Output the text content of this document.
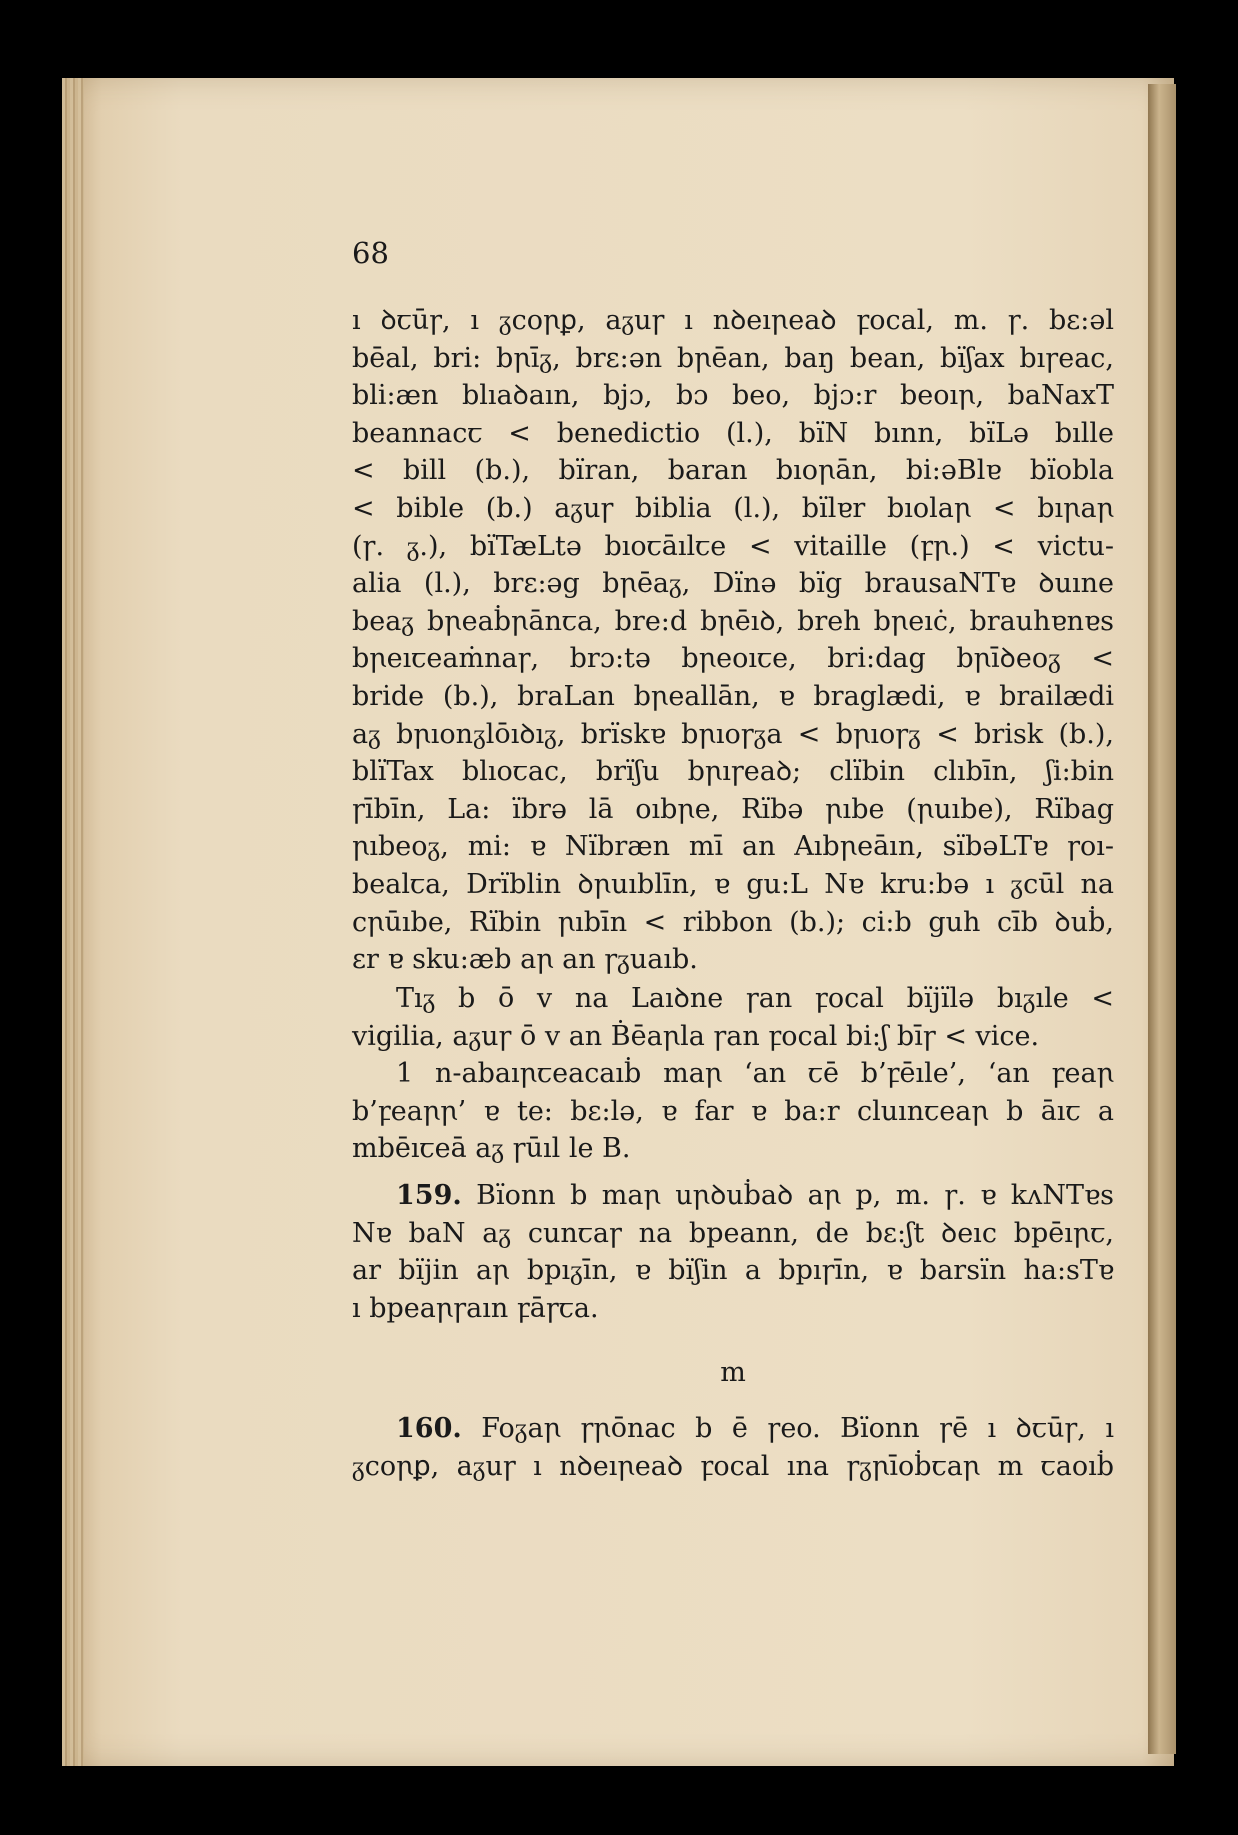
68
ı ꝺꞇūꞅ, ı ᵹcoꞃꝑ, aᵹuꞅ ı nꝺeıꞃeaꝺ ꝼocal, m. ꞅ. bɛ:əl
bēal, bri: bꞃīᵹ, brɛ:ən bꞃēan, baŋ bean, bïʃax bıꞅeac,
bli:æn blıaꝺaın, bjɔ, bɔ beo, bjɔ:r beoıꞃ, baNaxT
beannacꞇ < benedictio (l.), bïN bınn, bïLə bılle
< bill (b.), bïran, baran bıoꞃān, bi:əBlɐ bïobla
< bible (b.) aᵹuꞅ biblia (l.), bïlɐr bıolaꞃ < bıꞃaꞃ
(ꞅ. ᵹ.), bïTæLtə bıoꞇāılꞇe < vitaille (ꝼꞃ.) < victu-
alia (l.), brɛ:əg bꞃēaᵹ, Dïnə bïg brausaNTɐ ꝺuıne
beaᵹ bꞃeaḃꞃānꞇa, bre:d bꞃēıꝺ, breh bꞃeıċ, brauhɐnɐs
bꞃeıꞇeaṁnaꞅ, brɔ:tə bꞃeoıꞇe, bri:dag bꞃīꝺeoᵹ <
bride (b.), braLan bꞃeallān, ɐ braglædi, ɐ brailædi
aᵹ bꞃıonᵹlōıꝺıᵹ, brïskɐ bꞃıoꞅᵹa < bꞃıoꞅᵹ < brisk (b.),
blïTax blıoꞇac, brïʃu bꞃıꞅeaꝺ; clïbin clıbīn, ʃi:bin
ꞅībīn, La: ïbrə lā oıbꞃe, Rïbə ꞃıbe (ꞃuıbe), Rïbag
ꞃıbeoᵹ, mi: ɐ Nïbræn mī an Aıbꞃeāın, sïbəLTɐ ꞅoı-
bealꞇa, Drïblin ꝺꞃuıblīn, ɐ gu:L Nɐ kru:bə ı ᵹcūl na
cꞃūıbe, Rïbin ꞃıbīn < ribbon (b.); ci:b guh cīb ꝺuḃ,
ɛr ɐ sku:æb aꞃ an ꞅᵹuaıb.
Tıᵹ b ō v na Laıꝺne ꞅan ꝼocal bïjïlə bıᵹıle <
vigilia, aᵹuꞅ ō v an Ḃēaꞃla ꞅan ꝼocal bi:ʃ bīꞅ < vice.
1 n-abaıꞃꞇeacaıḃ maꞃ ‘an ꞇē b’ꝼēıle’, ‘an ꝼeaꞃ
b’ꝼeaꞃꞃ’ ɐ te: bɛ:lə, ɐ far ɐ ba:r cluınꞇeaꞃ b āıꞇ a
mbēıꞇeā aᵹ ꞅūıl le B.
159. Bïonn b maꞃ uꞃꝺuḃaꝺ aꞃ p, m. ꞅ. ɐ kʌNTɐs
Nɐ baN aᵹ cunꞇaꞅ na bpeann, de bɛ:ʃt ꝺeıc bpēıꞃꞇ,
ar bïjin aꞃ bpıᵹīn, ɐ bïʃin a bpıꞅīn, ɐ barsïn ha:sTɐ
ı bpeaꞃꞅaın ꝼāꞅꞇa.
m
160. Foᵹaꞃ ꞅꞃōnac b ē ꞅeo. Bïonn ꞅē ı ꝺꞇūꞅ, ı
ᵹcoꞃꝑ, aᵹuꞅ ı nꝺeıꞃeaꝺ ꝼocal ına ꞅᵹꞃīoḃꞇaꞃ m ꞇaoıḃ
